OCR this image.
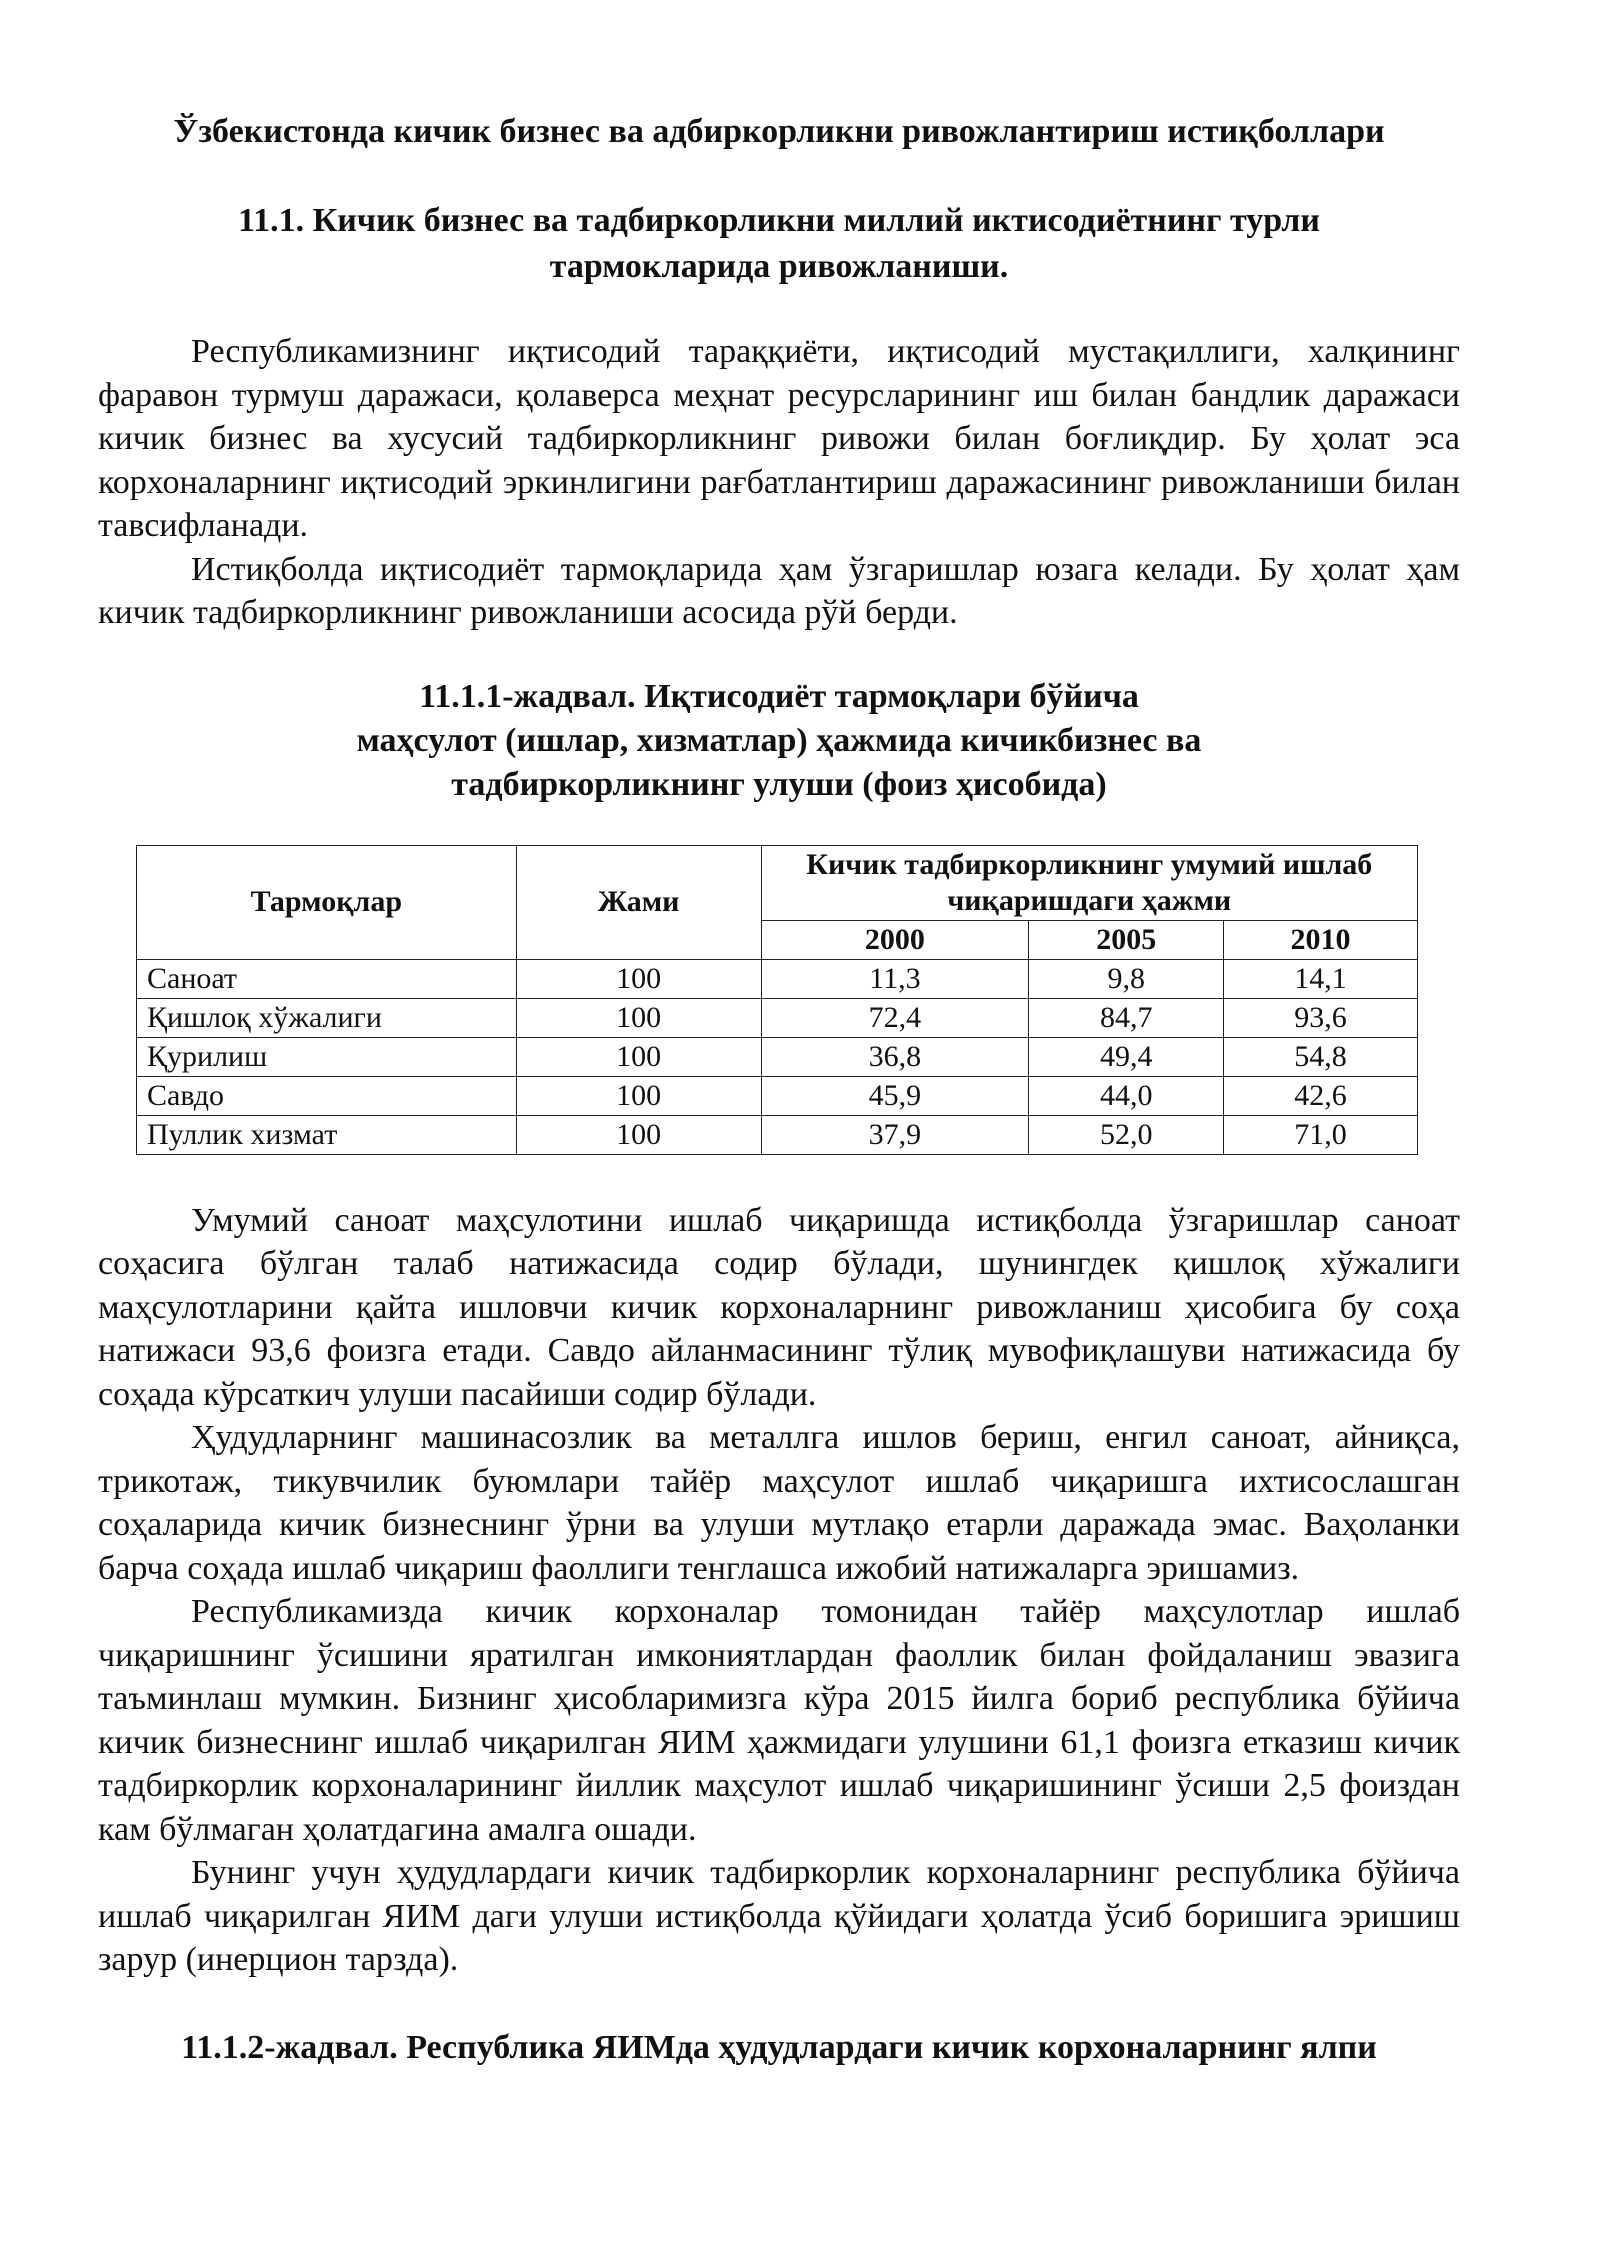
Ўзбекистонда кичик бизнес ва адбиркорликни ривожлантириш истиқболлари
11.1. Кичик бизнес ва тадбиркорликни миллий иктисодиётнинг турли тармокларида ривожланиши.

Республикамизнинг иқтисодий тараққиёти, иқтисодий мустақиллиги, халқининг фаравон турмуш даражаси, қолаверса меҳнат ресурсларининг иш билан бандлик даражаси кичик бизнес ва хусусий тадбиркорликнинг ривожи билан боғлиқдир. Бу ҳолат эса корхоналарнинг иқтисодий эркинлигини рағбатлантириш даражасининг ривожланиши билан тавсифланади.

Истиқболда иқтисодиёт тармоқларида ҳам ўзгаришлар юзага келади. Бу ҳолат ҳам кичик тадбиркорликнинг ривожланиши асосида рўй берди.

11.1.1-жадвал. Иқтисодиёт тармоқлари бўйича маҳсулот (ишлар, хизматлар) ҳажмида кичикбизнес ва тадбиркорликнинг улуши (фоиз ҳисобида)

Тармоқлар	Жами	Кичик тадбиркорликнинг умумий ишлаб чиқаришдаги ҳажми		
		2000	2005	2010
Саноат	100	11,3	9,8	14,1
Қишлоқ хўжалиги	100	72,4	84,7	93,6
Қурилиш	100	36,8	49,4	54,8
Савдо	100	45,9	44,0	42,6
Пуллик хизмат	100	37,9	52,0	71,0

Умумий саноат маҳсулотини ишлаб чиқаришда истиқболда ўзгаришлар саноат соҳасига бўлган талаб натижасида содир бўлади, шунингдек қишлоқ хўжалиги маҳсулотларини қайта ишловчи кичик корхоналарнинг ривожланиш ҳисобига бу соҳа натижаси 93,6 фоизга етади. Савдо айланмасининг тўлиқ мувофиқлашуви натижасида бу соҳада кўрсаткич улуши пасайиши содир бўлади.

Ҳудудларнинг машинасозлик ва металлга ишлов бериш, енгил саноат, айниқса, трикотаж, тикувчилик буюмлари тайёр маҳсулот ишлаб чиқаришга ихтисослашган соҳаларида кичик бизнеснинг ўрни ва улуши мутлақо етарли даражада эмас. Ваҳоланки барча соҳада ишлаб чиқариш фаоллиги тенглашса ижобий натижаларга эришамиз.

Республикамизда кичик корхоналар томонидан тайёр маҳсулотлар ишлаб чиқаришнинг ўсишини яратилган имкониятлардан фаоллик билан фойдаланиш эвазига таъминлаш мумкин. Бизнинг ҳисобларимизга кўра 2015 йилга бориб республика бўйича кичик бизнеснинг ишлаб чиқарилган ЯИМ ҳажмидаги улушини 61,1 фоизга етказиш кичик тадбиркорлик корхоналарининг йиллик маҳсулот ишлаб чиқаришининг ўсиши 2,5 фоиздан кам бўлмаган ҳолатдагина амалга ошади.

Бунинг учун ҳудудлардаги кичик тадбиркорлик корхоналарнинг республика бўйича ишлаб чиқарилган ЯИМ даги улуши истиқболда қўйидаги ҳолатда ўсиб боришига эришиш зарур (инерцион тарзда).

11.1.2-жадвал. Республика ЯИМда ҳудудлардаги кичик корхоналарнинг ялпи
